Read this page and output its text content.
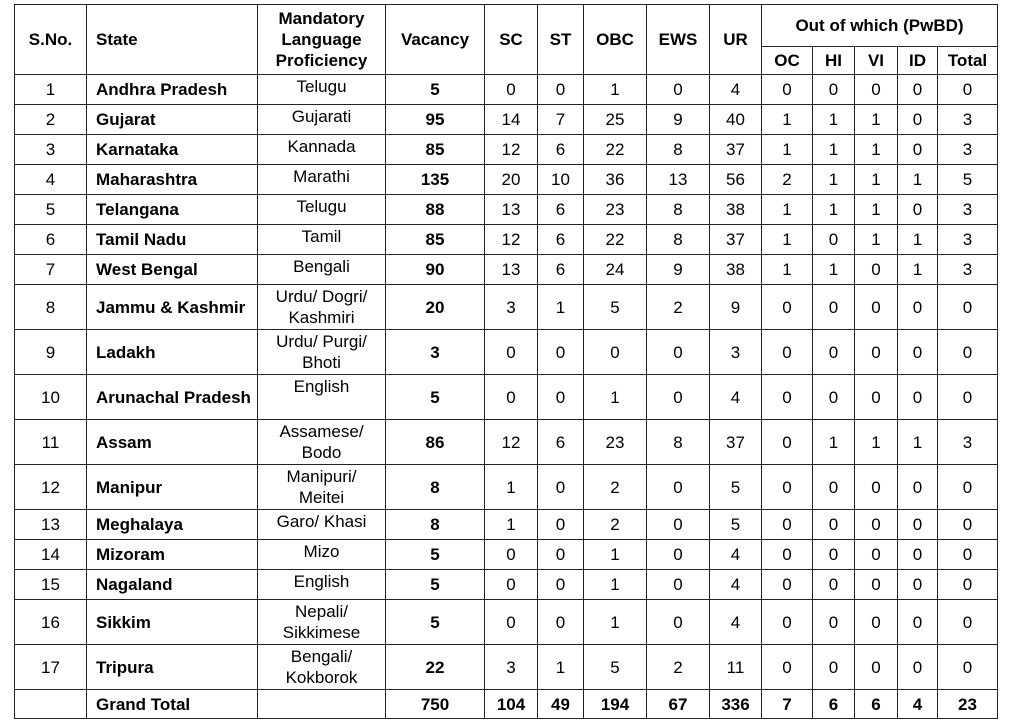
S.No.	State	Mandatory Language Proficiency	Vacancy	SC	ST	OBC	EWS	UR	Out of which (PwBD)				
									OC	HI	VI	ID	Total
1	Andhra Pradesh	Telugu	5	0	0	1	0	4	0	0	0	0	0
2	Gujarat	Gujarati	95	14	7	25	9	40	1	1	1	0	3
3	Karnataka	Kannada	85	12	6	22	8	37	1	1	1	0	3
4	Maharashtra	Marathi	135	20	10	36	13	56	2	1	1	1	5
5	Telangana	Telugu	88	13	6	23	8	38	1	1	1	0	3
6	Tamil Nadu	Tamil	85	12	6	22	8	37	1	0	1	1	3
7	West Bengal	Bengali	90	13	6	24	9	38	1	1	0	1	3
8	Jammu & Kashmir	Urdu/ Dogri/ Kashmiri	20	3	1	5	2	9	0	0	0	0	0
9	Ladakh	Urdu/ Purgi/ Bhoti	3	0	0	0	0	3	0	0	0	0	0
10	Arunachal Pradesh	English	5	0	0	1	0	4	0	0	0	0	0
11	Assam	Assamese/ Bodo	86	12	6	23	8	37	0	1	1	1	3
12	Manipur	Manipuri/ Meitei	8	1	0	2	0	5	0	0	0	0	0
13	Meghalaya	Garo/ Khasi	8	1	0	2	0	5	0	0	0	0	0
14	Mizoram	Mizo	5	0	0	1	0	4	0	0	0	0	0
15	Nagaland	English	5	0	0	1	0	4	0	0	0	0	0
16	Sikkim	Nepali/ Sikkimese	5	0	0	1	0	4	0	0	0	0	0
17	Tripura	Bengali/ Kokborok	22	3	1	5	2	11	0	0	0	0	0
	Grand Total		750	104	49	194	67	336	7	6	6	4	23
